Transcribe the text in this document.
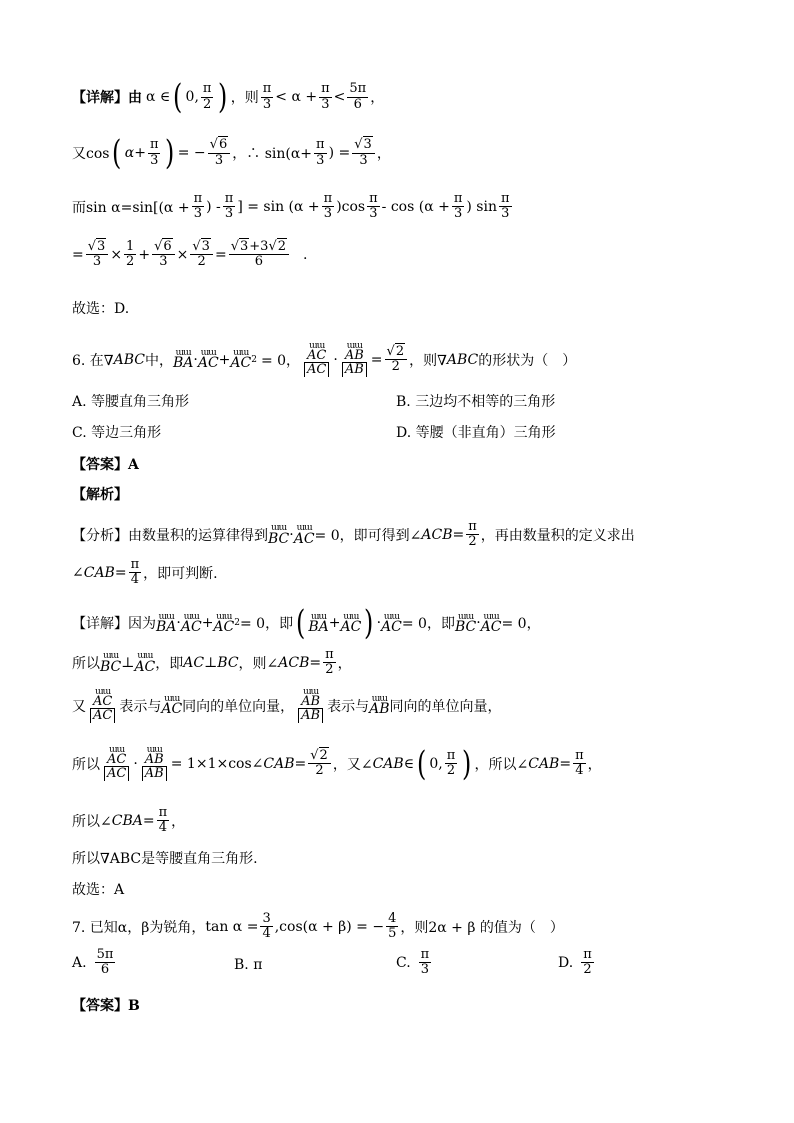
【详解】由 α ∈ ( 0, $\frac{\pi}{2}$ ) ，则 $\frac{\pi}{3} < \alpha + \frac{\pi}{3} < \frac{5\pi}{6}$ ，
又cos ( $\alpha + \frac{\pi}{3}$ ) = − √ $\frac{6}{3}$ ，∴ $\sin(\alpha+ \frac{\pi}{3}$ ) = √ $\frac{3}{3}$ ，
而$\sin \alpha=\sin[(\alpha + \frac{\pi}{3}$ ) - $\frac{\pi}{3}$ ] = $\sin (\alpha + \frac{\pi}{3} )\cos \frac{\pi}{3} - \cos (\alpha + \frac{\pi}{3}$ ) $\sin \frac{\pi}{3}$
= √ $\frac{3}{3} \times \frac{1}{2}$ + √ $\frac{6}{3}$ × √ $\frac{3}{2}$ = √ $\frac{3+3 √ 2}{6}$ .
故选：D.
6. 在∇ ABC 中， ɯɯ
BA · ɯɯ
AC + ɯɯ
AC 2 = 0， ɯɯ
AC
AC · ɯɯ
AB
AB = √ $\frac{2}{2}$ ，则∇ ABC 的形状为（　）
A. 等腰直角三角形	B. 三边均不相等的三角形
C. 等边三角形	D. 等腰（非直角）三角形
【答案】A
【解析】
【分析】由数量积的运算律得到 ɯɯ
BC · ɯɯ
AC = 0，即可得到∠ ACB = $\frac{\pi}{2}$ ，再由数量积的定义求出
∠ CAB = $\frac{\pi}{4}$ ，即可判断.
【详解】因为 ɯɯ
BA · ɯɯ
AC + ɯɯ
AC 2 = 0，即 ( ɯɯ
BA + ɯɯ
AC ) · ɯɯ
AC = 0，即 ɯɯ
BC · ɯɯ
AC = 0，
所以 ɯɯ
BC ⊥ ɯɯ
AC ，即 AC ⊥ BC ，则∠ ACB = $\frac{\pi}{2}$ ，
又 ɯɯ
AC
AC 表示与 ɯɯ
AC 同向的单位向量， ɯɯ
AB
AB 表示与 ɯɯ
AB 同向的单位向量，
所以 ɯɯ
AC
AC · ɯɯ
AB
AB = 1×1×cos∠ CAB = √ $\frac{2}{2}$ ，又∠ CAB ∈ ( 0, $\frac{\pi}{2}$ ) ，所以∠ CAB = $\frac{\pi}{4}$ ，
所以∠ CBA = $\frac{\pi}{4}$ ，
所以∇ABC是等腰直角三角形.
故选：A
7. 已知α，β为锐角， $\tan \alpha = \frac{3}{4} ,\cos(\alpha + \beta)$ = − $\frac{4}{5}$ ，则2α + β 的值为（　）
A. $\frac{5\pi}{6}$	B. π	C. $\frac{\pi}{3}$	D. $\frac{\pi}{2}$
【答案】B
